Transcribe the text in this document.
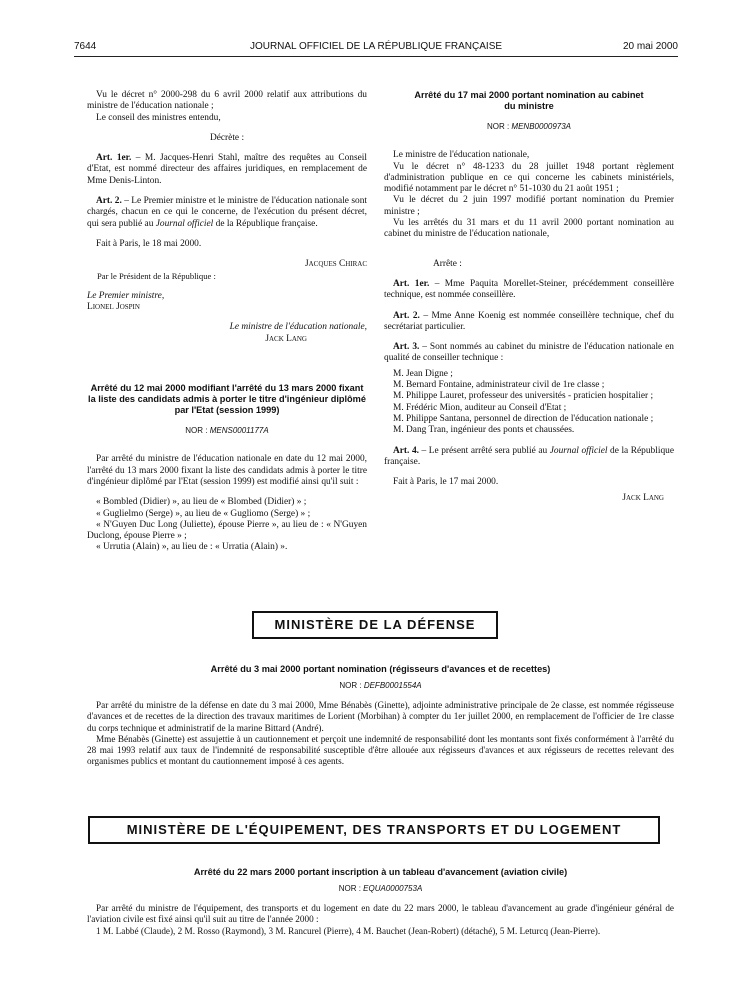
7644	JOURNAL OFFICIEL DE LA RÉPUBLIQUE FRANÇAISE	20 mai 2000

Vu le décret n° 2000-298 du 6 avril 2000 relatif aux attributions du ministre de l'éducation nationale ;

Le conseil des ministres entendu,

Décrète :

Art. 1er. – M. Jacques-Henri Stahl, maître des requêtes au Conseil d'Etat, est nommé directeur des affaires juridiques, en remplacement de Mme Denis-Linton.

Art. 2. – Le Premier ministre et le ministre de l'éducation nationale sont chargés, chacun en ce qui le concerne, de l'exécution du présent décret, qui sera publié au Journal officiel de la République française.

Fait à Paris, le 18 mai 2000.

Jacques Chirac

Par le Président de la République :

Le Premier ministre,

Lionel Jospin

Le ministre de l'éducation nationale,

Jack Lang

Arrêté du 12 mai 2000 modifiant l'arrêté du 13 mars 2000 fixant la liste des candidats admis à porter le titre d'ingénieur diplômé par l'Etat (session 1999)

NOR : MENS0001177A

Par arrêté du ministre de l'éducation nationale en date du 12 mai 2000, l'arrêté du 13 mars 2000 fixant la liste des candidats admis à porter le titre d'ingénieur diplômé par l'Etat (session 1999) est modifié ainsi qu'il suit :

« Bombled (Didier) », au lieu de « Blombed (Didier) » ;

« Guglielmo (Serge) », au lieu de « Gugliomo (Serge) » ;

« N'Guyen Duc Long (Juliette), épouse Pierre », au lieu de : « N'Guyen Duclong, épouse Pierre » ;

« Urrutia (Alain) », au lieu de : « Urratia (Alain) ».

Arrêté du 17 mai 2000 portant nomination au cabinet du ministre

NOR : MENB0000973A

Le ministre de l'éducation nationale,

Vu le décret n° 48-1233 du 28 juillet 1948 portant règlement d'administration publique en ce qui concerne les cabinets ministériels, modifié notamment par le décret n° 51-1030 du 21 août 1951 ;

Vu le décret du 2 juin 1997 modifié portant nomination du Premier ministre ;

Vu les arrêtés du 31 mars et du 11 avril 2000 portant nomination au cabinet du ministre de l'éducation nationale,

Arrête :

Art. 1er. – Mme Paquita Morellet-Steiner, précédemment conseillère technique, est nommée conseillère.

Art. 2. – Mme Anne Koenig est nommée conseillère technique, chef du secrétariat particulier.

Art. 3. – Sont nommés au cabinet du ministre de l'éducation nationale en qualité de conseiller technique :

M. Jean Digne ;

M. Bernard Fontaine, administrateur civil de 1re classe ;

M. Philippe Lauret, professeur des universités - praticien hospitalier ;

M. Frédéric Mion, auditeur au Conseil d'Etat ;

M. Philippe Santana, personnel de direction de l'éducation nationale ;

M. Dang Tran, ingénieur des ponts et chaussées.

Art. 4. – Le présent arrêté sera publié au Journal officiel de la République française.

Fait à Paris, le 17 mai 2000.

Jack Lang

MINISTÈRE DE LA DÉFENSE

Arrêté du 3 mai 2000 portant nomination (régisseurs d'avances et de recettes)

NOR : DEFB0001554A

Par arrêté du ministre de la défense en date du 3 mai 2000, Mme Bénabès (Ginette), adjointe administrative principale de 2e classe, est nommée régisseuse d'avances et de recettes de la direction des travaux maritimes de Lorient (Morbihan) à compter du 1er juillet 2000, en remplacement de l'officier de 1re classe du corps technique et administratif de la marine Bittard (André).

Mme Bénabès (Ginette) est assujettie à un cautionnement et perçoit une indemnité de responsabilité dont les montants sont fixés conformément à l'arrêté du 28 mai 1993 relatif aux taux de l'indemnité de responsabilité susceptible d'être allouée aux régisseurs d'avances et aux régisseurs de recettes relevant des organismes publics et montant du cautionnement imposé à ces agents.

MINISTÈRE DE L'ÉQUIPEMENT, DES TRANSPORTS ET DU LOGEMENT

Arrêté du 22 mars 2000 portant inscription à un tableau d'avancement (aviation civile)

NOR : EQUA0000753A

Par arrêté du ministre de l'équipement, des transports et du logement en date du 22 mars 2000, le tableau d'avancement au grade d'ingénieur général de l'aviation civile est fixé ainsi qu'il suit au titre de l'année 2000 :

1 M. Labbé (Claude), 2 M. Rosso (Raymond), 3 M. Rancurel (Pierre), 4 M. Bauchet (Jean-Robert) (détaché), 5 M. Leturcq (Jean-Pierre).
